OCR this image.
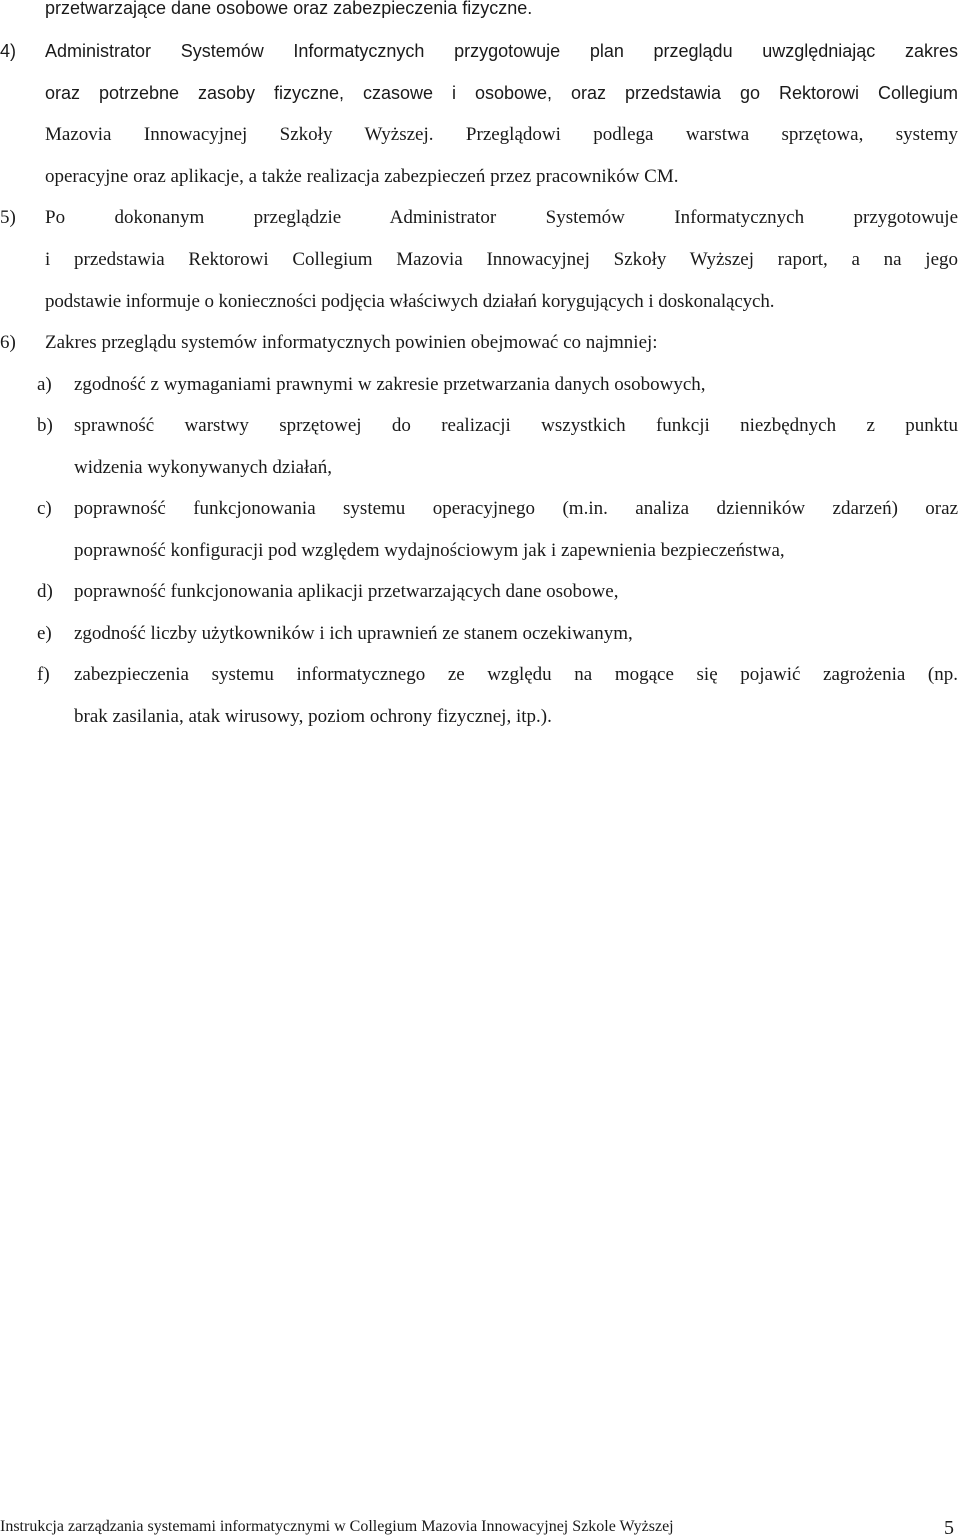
przetwarzające dane osobowe oraz zabezpieczenia fizyczne.
4) Administrator Systemów Informatycznych przygotowuje plan przeglądu uwzględniając zakres
oraz potrzebne zasoby fizyczne, czasowe i osobowe, oraz przedstawia go Rektorowi Collegium
Mazovia Innowacyjnej Szkoły Wyższej. Przeglądowi podlega warstwa sprzętowa, systemy
operacyjne oraz aplikacje, a także realizacja zabezpieczeń przez pracowników CM.
5) Po dokonanym przeglądzie Administrator Systemów Informatycznych przygotowuje
i przedstawia Rektorowi Collegium Mazovia Innowacyjnej Szkoły Wyższej raport, a na jego
podstawie informuje o konieczności podjęcia właściwych działań korygujących i doskonalących.
6) Zakres przeglądu systemów informatycznych powinien obejmować co najmniej:
a) zgodność z wymaganiami prawnymi w zakresie przetwarzania danych osobowych,
b) sprawność warstwy sprzętowej do realizacji wszystkich funkcji niezbędnych z punktu
widzenia wykonywanych działań,
c) poprawność funkcjonowania systemu operacyjnego (m.in. analiza dzienników zdarzeń) oraz
poprawność konfiguracji pod względem wydajnościowym jak i zapewnienia bezpieczeństwa,
d) poprawność funkcjonowania aplikacji przetwarzających dane osobowe,
e) zgodność liczby użytkowników i ich uprawnień ze stanem oczekiwanym,
f) zabezpieczenia systemu informatycznego ze względu na mogące się pojawić zagrożenia (np.
brak zasilania, atak wirusowy, poziom ochrony fizycznej, itp.).
Instrukcja zarządzania systemami informatycznymi w Collegium Mazovia Innowacyjnej Szkole Wyższej	5
